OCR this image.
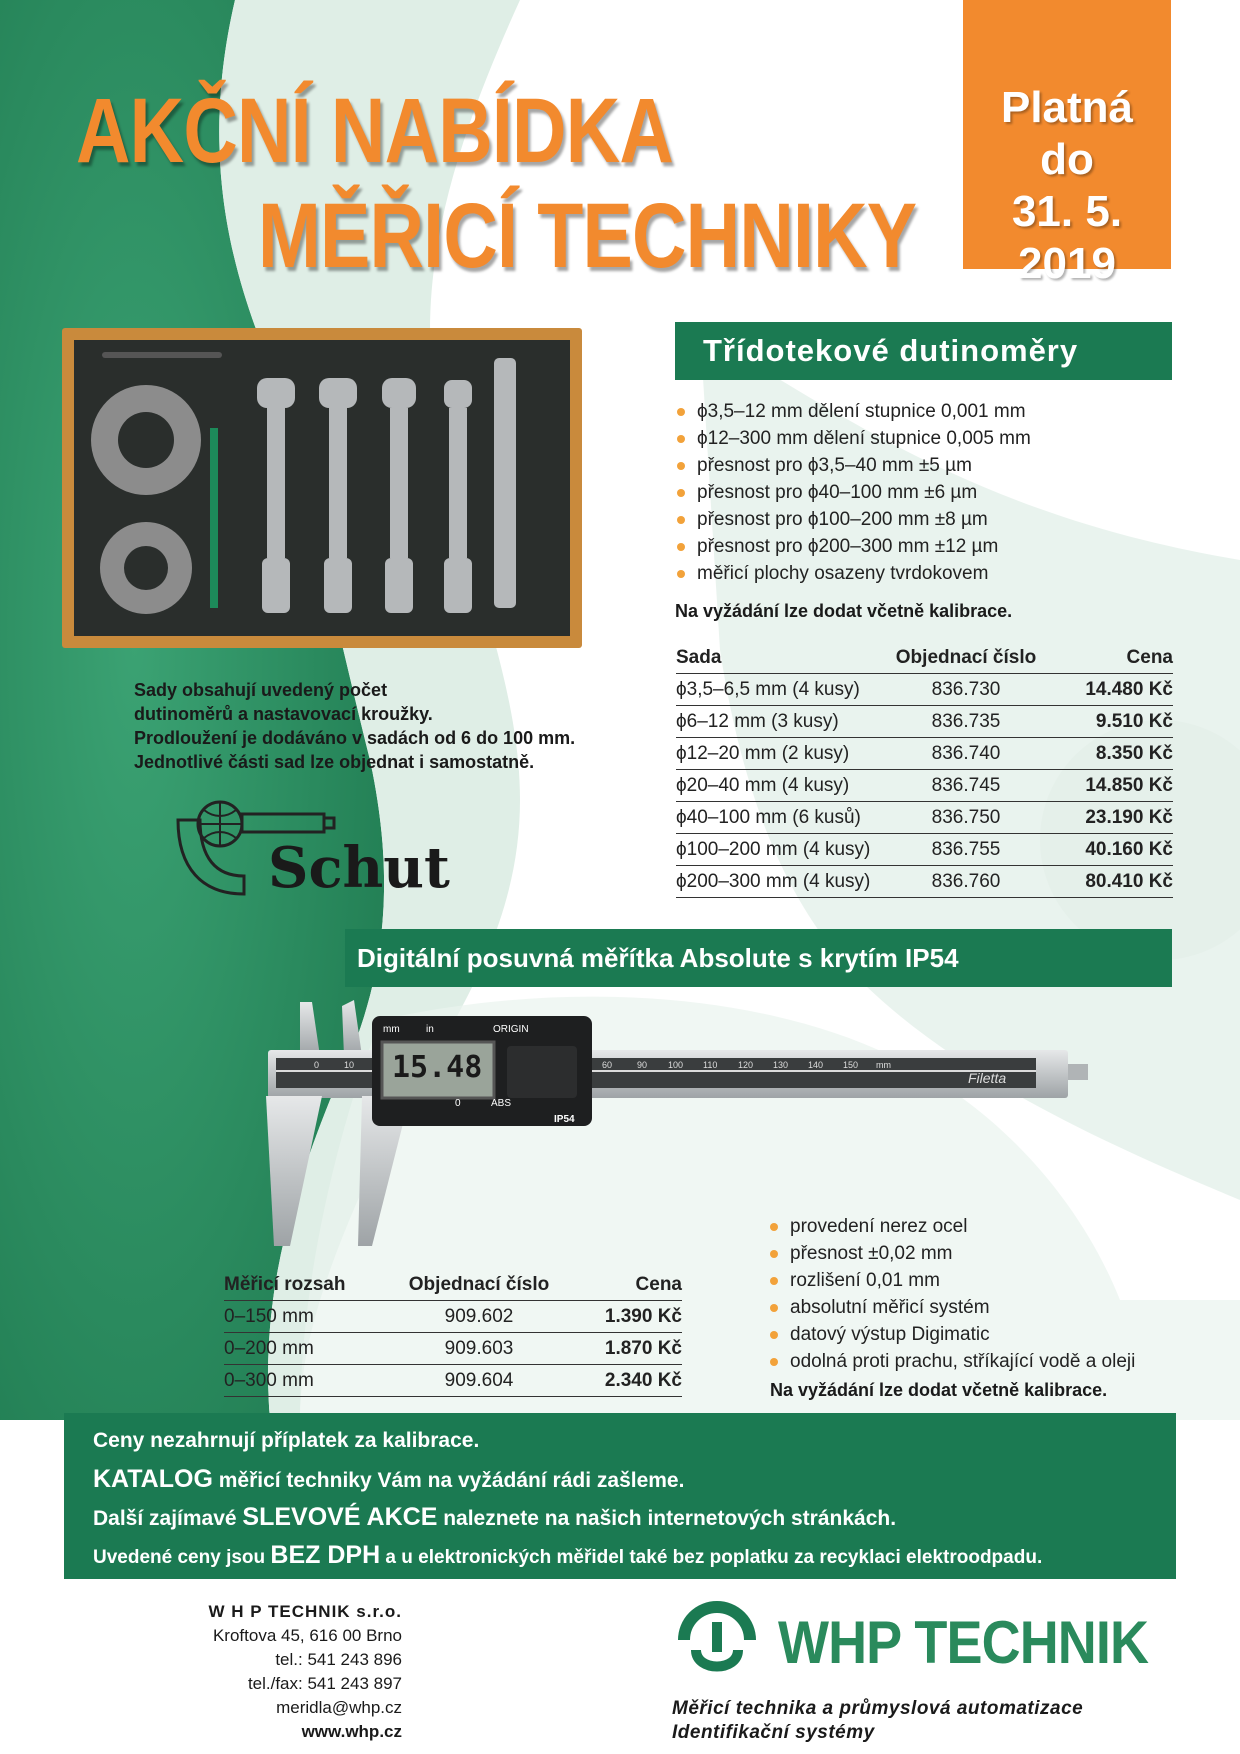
AKČNÍ NABÍDKA
MĚŘICÍ TECHNIKY
Platná
do
31. 5. 2019
Třídotekové dutinoměry
ϕ3,5–12 mm dělení stupnice 0,001 mm
ϕ12–300 mm dělení stupnice 0,005 mm
přesnost pro ϕ3,5–40 mm ±5 µm
přesnost pro ϕ40–100 mm ±6 µm
přesnost pro ϕ100–200 mm ±8 µm
přesnost pro ϕ200–300 mm ±12 µm
měřicí plochy osazeny tvrdokovem
Na vyžádání lze dodat včetně kalibrace.
Sada	Objednací číslo	Cena
ϕ3,5–6,5 mm (4 kusy)	836.730	14.480 Kč
ϕ6–12 mm (3 kusy)	836.735	9.510 Kč
ϕ12–20 mm (2 kusy)	836.740	8.350 Kč
ϕ20–40 mm (4 kusy)	836.745	14.850 Kč
ϕ40–100 mm (6 kusů)	836.750	23.190 Kč
ϕ100–200 mm (4 kusy)	836.755	40.160 Kč
ϕ200–300 mm (4 kusy)	836.760	80.410 Kč
Sady obsahují uvedený počet
dutinoměrů a nastavovací kroužky.
Prodloužení je dodáváno v sadách od 6 do 100 mm.
Jednotlivé části sad lze objednat i samostatně.
Schut
Digitální posuvná měřítka Absolute s krytím IP54
15.48
mm	in	ORIGIN
0	ABS
IP54
Filetta
0	10	60	90 100 110 120 130 140 150 mm
provedení nerez ocel
přesnost ±0,02 mm
rozlišení 0,01 mm
absolutní měřicí systém
datový výstup Digimatic
odolná proti prachu, stříkající vodě a oleji
Na vyžádání lze dodat včetně kalibrace.
Měřicí rozsah	Objednací číslo	Cena
0–150 mm	909.602	1.390 Kč
0–200 mm	909.603	1.870 Kč
0–300 mm	909.604	2.340 Kč
Ceny nezahrnují příplatek za kalibrace.
KATALOG měřicí techniky Vám na vyžádání rádi zašleme.
Další zajímavé SLEVOVÉ AKCE naleznete na našich internetových stránkách.
Uvedené ceny jsou BEZ DPH a u elektronických měřidel také bez poplatku za recyklaci elektroodpadu.
W H P TECHNIK s.r.o.
Kroftova 45, 616 00 Brno
tel.: 541 243 896
tel./fax: 541 243 897
meridla@whp.cz
www.whp.cz
WHP TECHNIK
Měřicí technika a průmyslová automatizace
Identifikační systémy
